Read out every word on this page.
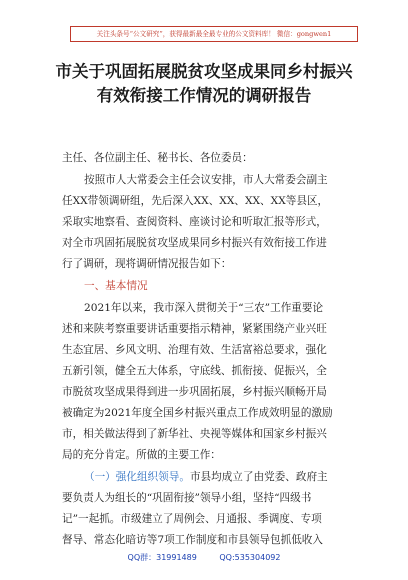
关注头条号“公文研究”，获得最新最全最专业的公文资料库！ 微信：gongwen1
市关于巩固拓展脱贫攻坚成果同乡村振兴
有效衔接工作情况的调研报告
主任、各位副主任、秘书长、各位委员：
按照市人大常委会主任会议安排，市人大常委会副主
任XX带领调研组，先后深入XX、XX、XX、XX等县区，
采取实地察看、查阅资料、座谈讨论和听取汇报等形式，
对全市巩固拓展脱贫攻坚成果同乡村振兴有效衔接工作进
行了调研，现将调研情况报告如下：
一、基本情况
2021年以来，我市深入贯彻关于“三农”工作重要论
述和来陕考察重要讲话重要指示精神，紧紧围绕产业兴旺
生态宜居、乡风文明、治理有效、生活富裕总要求，强化
五新引领，健全五大体系，守底线、抓衔接、促振兴，全
市脱贫攻坚成果得到进一步巩固拓展，乡村振兴顺畅开局
被确定为2021年度全国乡村振兴重点工作成效明显的激励
市，相关做法得到了新华社、央视等媒体和国家乡村振兴
局的充分肯定。所做的主要工作：
（一）强化组织领导。市县均成立了由党委、政府主
要负责人为组长的“巩固衔接”领导小组，坚持“四级书
记”一起抓。市级建立了周例会、月通报、季调度、专项
督导、常态化暗访等7项工作制度和市县领导包抓低收入
QQ群：31991489	QQ:535304092
